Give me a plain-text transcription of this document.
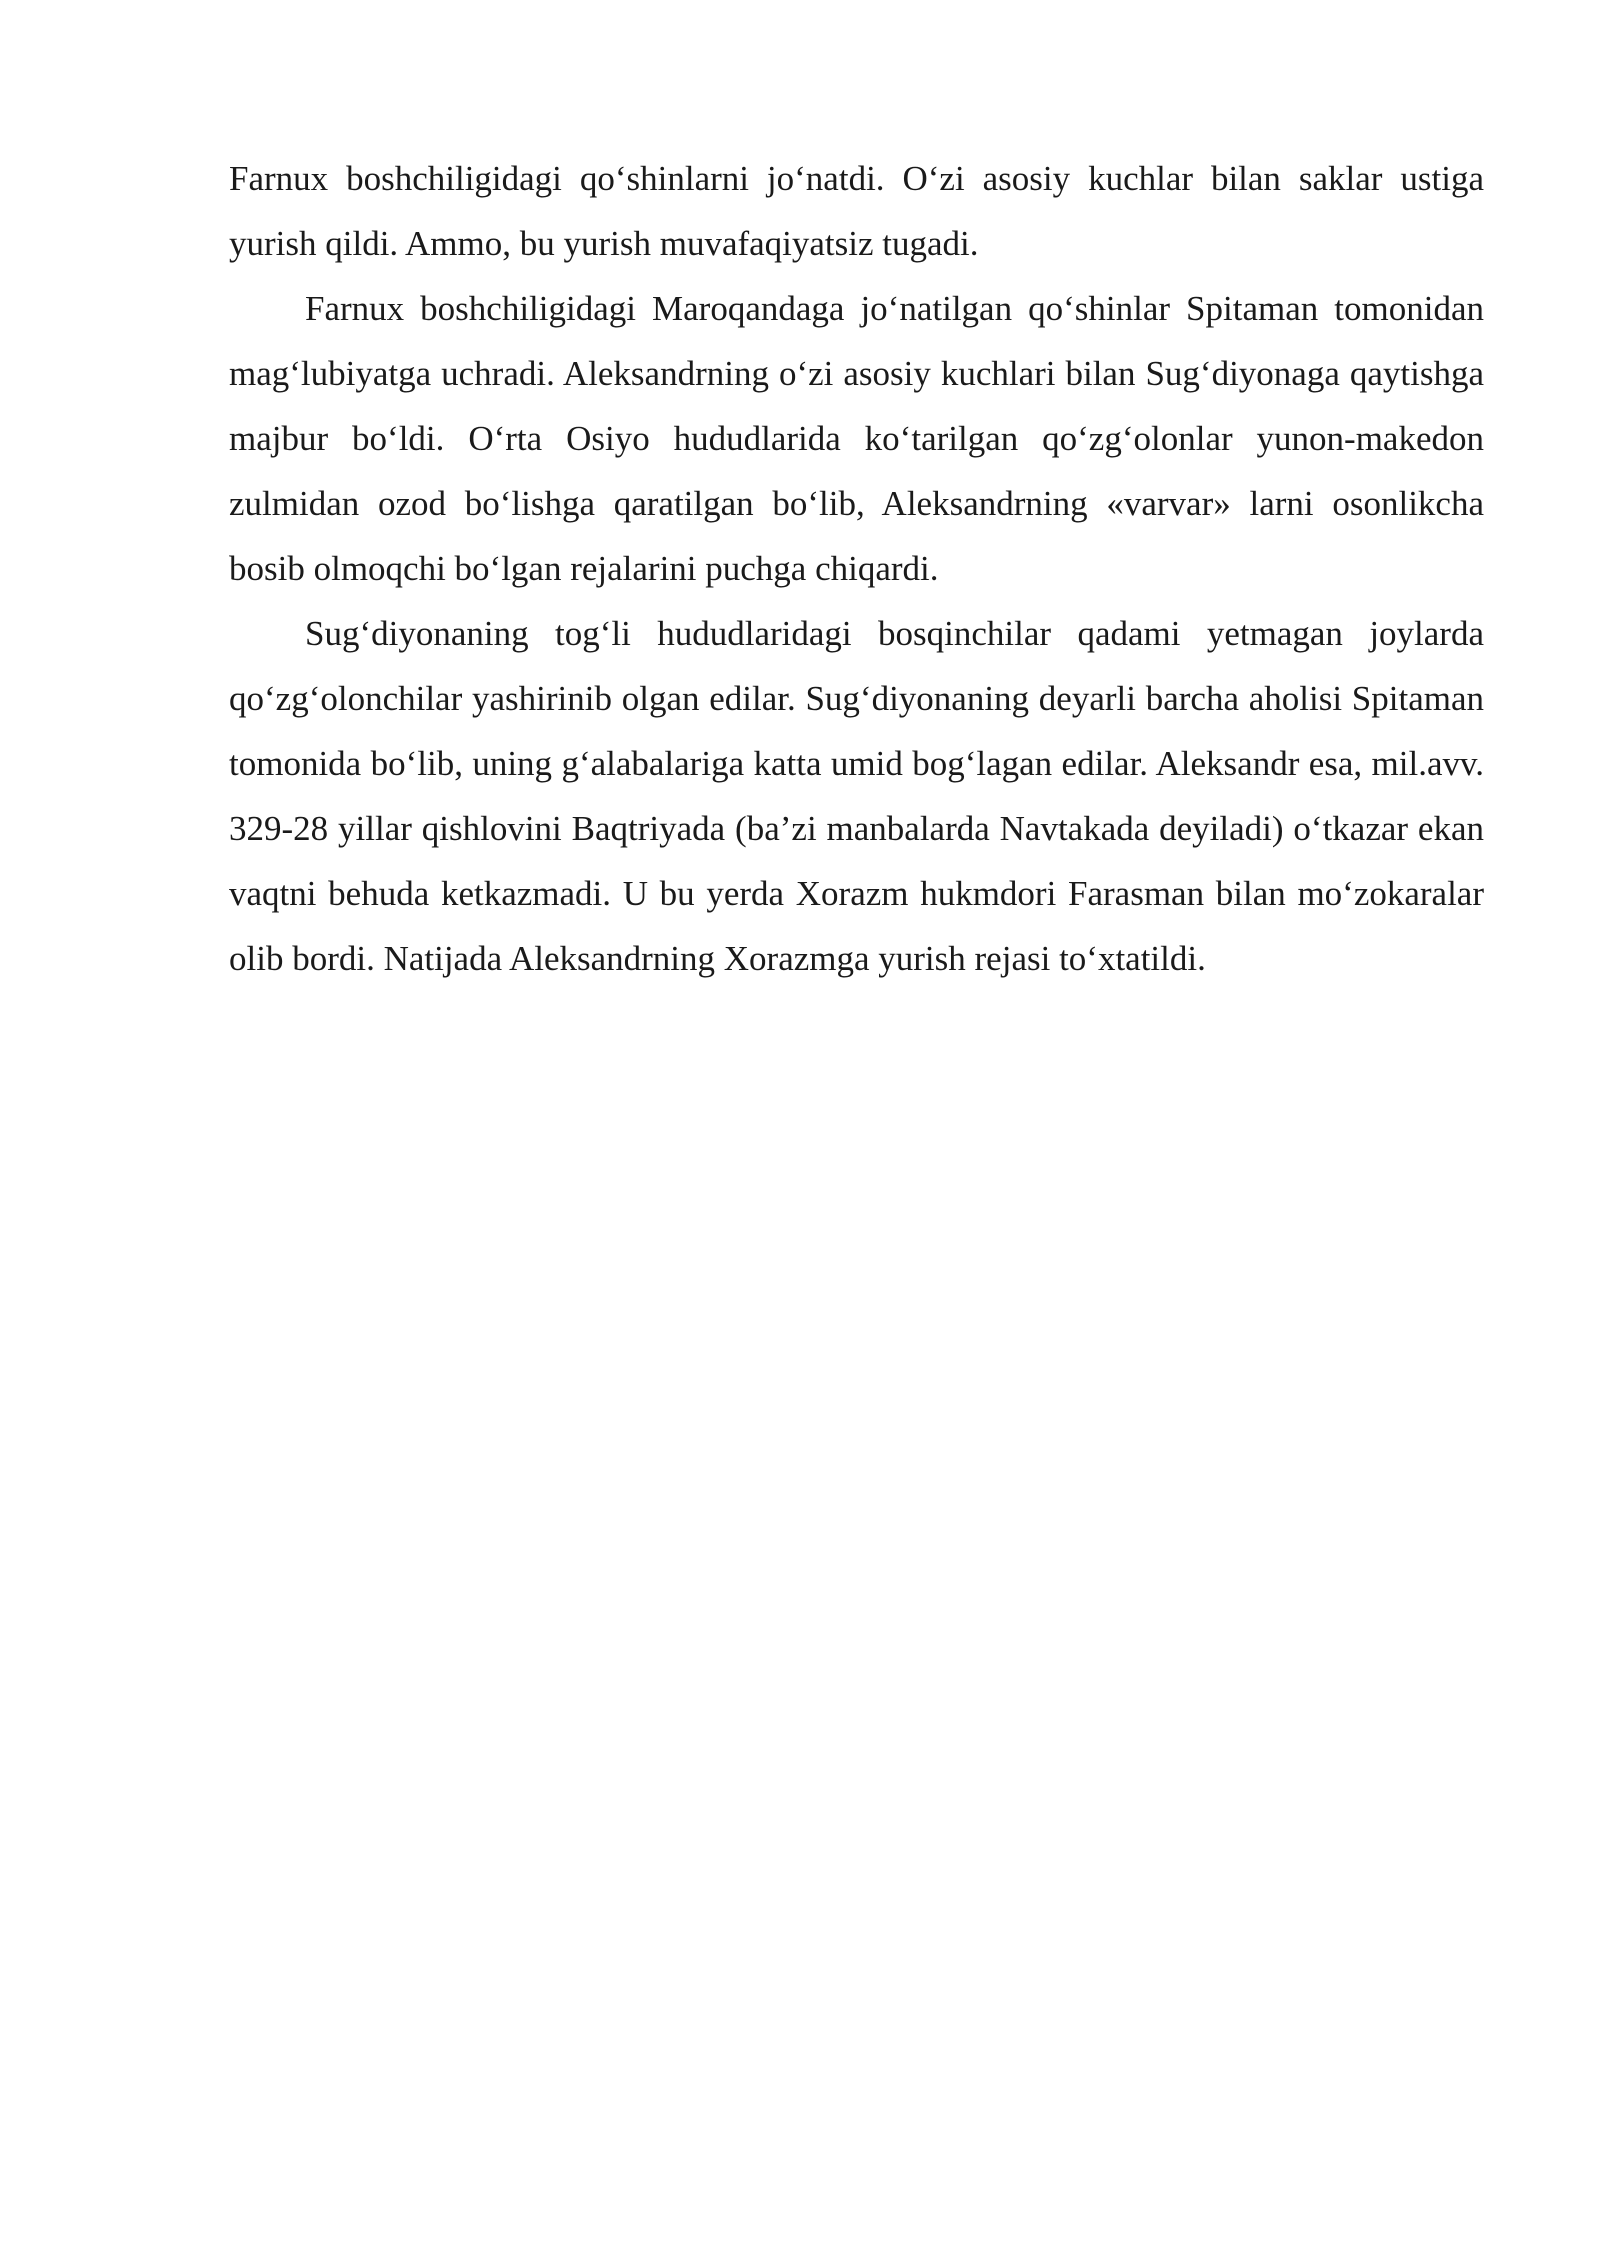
Farnux boshchiligidagi qo‘shinlarni jo‘natdi. O‘zi asosiy kuchlar bilan saklar ustiga yurish qildi. Ammo, bu yurish muvafaqiyatsiz tugadi.

Farnux boshchiligidagi Maroqandaga jo‘natilgan qo‘shinlar Spitaman tomonidan mag‘lubiyatga uchradi. Aleksandrning o‘zi asosiy kuchlari bilan Sug‘diyonaga qaytishga majbur bo‘ldi. O‘rta Osiyo hududlarida ko‘tarilgan qo‘zg‘olonlar yunon-makedon zulmidan ozod bo‘lishga qaratilgan bo‘lib, Aleksandrning «varvar» larni osonlikcha bosib olmoqchi bo‘lgan rejalarini puchga chiqardi.

Sug‘diyonaning tog‘li hududlaridagi bosqinchilar qadami yetmagan joylarda qo‘zg‘olonchilar yashirinib olgan edilar. Sug‘diyonaning deyarli barcha aholisi Spitaman tomonida bo‘lib, uning g‘alabalariga katta umid bog‘lagan edilar. Aleksandr esa, mil.avv. 329-28 yillar qishlovini Baqtriyada (ba’zi manbalarda Navtakada deyiladi) o‘tkazar ekan vaqtni behuda ketkazmadi. U bu yerda Xorazm hukmdori Farasman bilan mo‘zokaralar olib bordi. Natijada Aleksandrning Xorazmga yurish rejasi to‘xtatildi.
